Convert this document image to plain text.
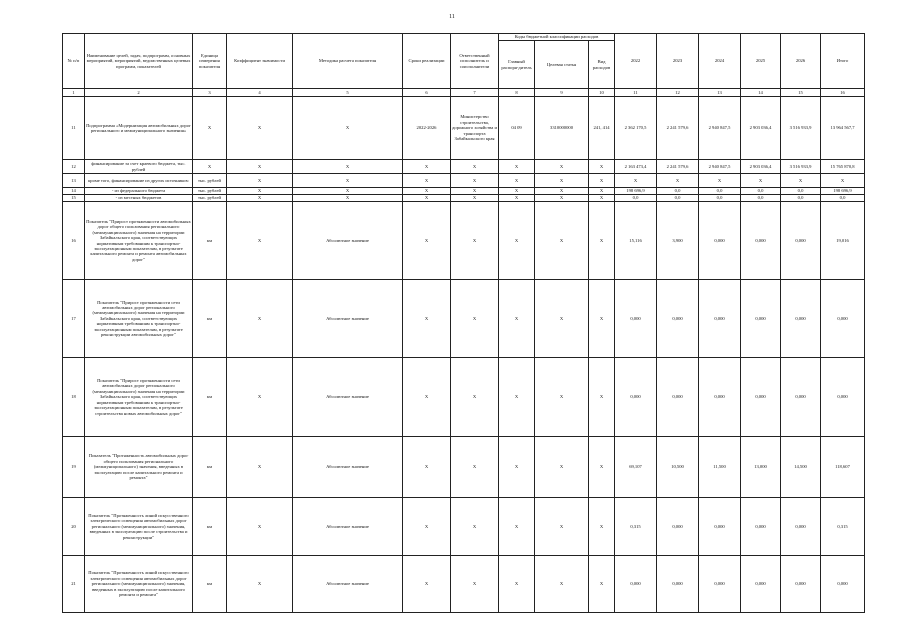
11
№ п/п	Наименование целей, задач, подпрограмм, основных мероприятий, мероприятий, ведомственных целевых программ, показателей	Единица измерения показателя	Коэффициент значимости	Методика расчета показателя	Сроки реализации	Ответственный исполнитель и соисполнители	Коды бюджетной классификации расходов			2022	2023	2024	2025	2026	Итого
							Главный распоря-дитель	Целевая статья	Вид расходов						
1	2	3	4	5	6	7	8	9	10	11	12	13	14	15	16
11	Подпрограмма «Модернизация автомобильных дорог регионального и межмуниципального значения»	X	X	X	2022-2026	Министерство строительства, дорожного хозяйства и транспорта Забайкальского края	04 09	3310000000	241, 414	2 362 170,5	2 241 579,6	2 940 847,5	2 903 036,4	3 516 933,9	13 964 567,7
12	финансирование за счет краевого бюджета, тыс. рублей	X	X	X	X	X	X	X	X	2 163 473,4	2 241 579,6	2 940 847,5	2 903 036,4	3 516 933,9	15 765 870,8
13	кроме того, финансирование из других источников:	тыс. рублей	X	X	X	X	X	X	X	X	X	X	X	X	X
14	- из федерального бюджета	тыс. рублей	X	X	X	X	X	X	X	198 696,9	0,0	0,0	0,0	0,0	198 696,9
15	- из местных бюджетов	тыс. рублей	X	X	X	X	X	X	X	0,0	0,0	0,0	0,0	0,0	0,0
16	Показатель "Прирост протяженности автомобильных дорог общего пользования регионального (межмуниципального) значения на территории Забайкальского края, соответствующих нормативным требованиям к транспортно-эксплуатационным показателям, в результате капитального ремонта и ремонта автомобильных дорог"	км	X	Абсолютное значение	X	X	X	X	X	15,116	3,900	0,000	0,000	0,000	19,016
17	Показатель "Прирост протяженности сети автомобильных дорог регионального (межмуниципального) значения на территории Забайкальского края, соответствующих нормативным требованиям к транспортно-эксплуатационным показателям, в результате реконструкции автомобильных дорог"	км	X	Абсолютное значение	X	X	X	X	X	0,000	0,000	0,000	0,000	0,000	0,000
18	Показатель "Прирост протяженности сети автомобильных дорог регионального (межмуниципального) значения на территории Забайкальского края, соответствующих нормативным требованиям к транспортно-эксплуатационным показателям, в результате строительства новых автомобильных дорог"	км	X	Абсолютное значение	X	X	X	X	X	0,000	0,000	0,000	0,000	0,000	0,000
19	Показатель "Протяженность автомобильных дорог общего пользования регионального (межмуниципального) значения, введенных в эксплуатацию после капитального ремонта и ремонта"	км	X	Абсолютное значение	X	X	X	X	X	69,107	10,500	11,500	13,000	14,500	118,607
20	Показатель "Протяженность линий искусственного электрического освещения автомобильных дорог регионального (межмуниципального) значения, введенных в эксплуатацию после строительства и реконструкции"	км	X	Абсолютное значение	X	X	X	X	X	0,315	0,000	0,000	0,000	0,000	0,315
21	Показатель "Протяженность линий искусственного электрического освещения автомобильных дорог регионального (межмуниципального) значения, введенных в эксплуатацию после капитального ремонта и ремонта"	км	X	Абсолютное значение	X	X	X	X	X	0,000	0,000	0,000	0,000	0,000	0,000
